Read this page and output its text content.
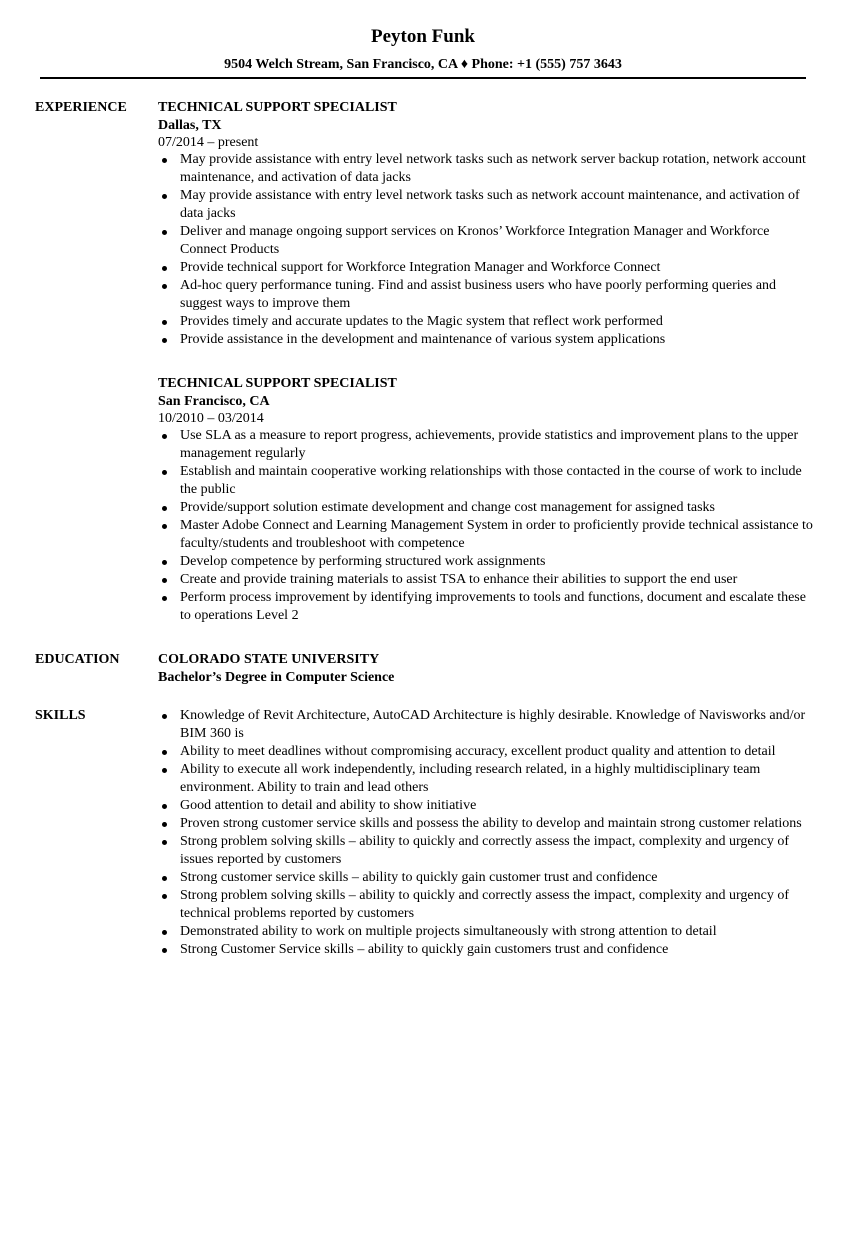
Peyton Funk
9504 Welch Stream, San Francisco, CA ♦ Phone: +1 (555) 757 3643
EXPERIENCE	TECHNICAL SUPPORT SPECIALIST
Dallas, TX
07/2014 – present
May provide assistance with entry level network tasks such as network server backup rotation, network account maintenance, and activation of data jacks
May provide assistance with entry level network tasks such as network account maintenance, and activation of data jacks
Deliver and manage ongoing support services on Kronos’ Workforce Integration Manager and Workforce Connect Products
Provide technical support for Workforce Integration Manager and Workforce Connect
Ad-hoc query performance tuning. Find and assist business users who have poorly performing queries and suggest ways to improve them
Provides timely and accurate updates to the Magic system that reflect work performed
Provide assistance in the development and maintenance of various system applications
TECHNICAL SUPPORT SPECIALIST
San Francisco, CA
10/2010 – 03/2014
Use SLA as a measure to report progress, achievements, provide statistics and improvement plans to the upper management regularly
Establish and maintain cooperative working relationships with those contacted in the course of work to include the public
Provide/support solution estimate development and change cost management for assigned tasks
Master Adobe Connect and Learning Management System in order to proficiently provide technical assistance to faculty/students and troubleshoot with competence
Develop competence by performing structured work assignments
Create and provide training materials to assist TSA to enhance their abilities to support the end user
Perform process improvement by identifying improvements to tools and functions, document and escalate these to operations Level 2
EDUCATION	COLORADO STATE UNIVERSITY
Bachelor’s Degree in Computer Science
SKILLS	Knowledge of Revit Architecture, AutoCAD Architecture is highly desirable. Knowledge of Navisworks and/or BIM 360 is
Ability to meet deadlines without compromising accuracy, excellent product quality and attention to detail
Ability to execute all work independently, including research related, in a highly multidisciplinary team environment. Ability to train and lead others
Good attention to detail and ability to show initiative
Proven strong customer service skills and possess the ability to develop and maintain strong customer relations
Strong problem solving skills – ability to quickly and correctly assess the impact, complexity and urgency of issues reported by customers
Strong customer service skills – ability to quickly gain customer trust and confidence
Strong problem solving skills – ability to quickly and correctly assess the impact, complexity and urgency of technical problems reported by customers
Demonstrated ability to work on multiple projects simultaneously with strong attention to detail
Strong Customer Service skills – ability to quickly gain customers trust and confidence
